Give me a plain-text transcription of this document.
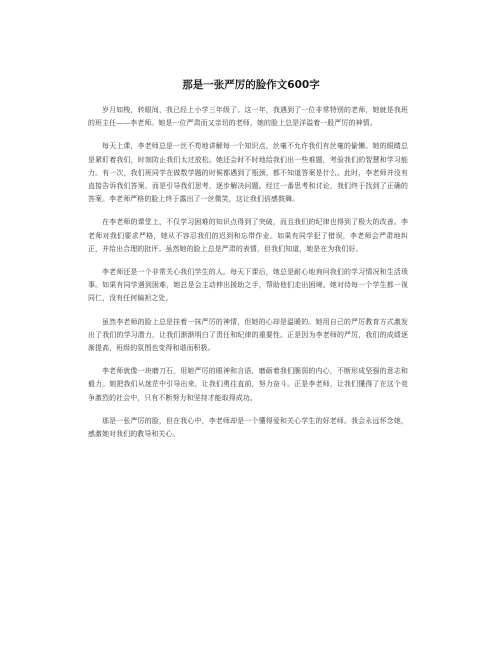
那是一张严厉的脸作文600字

岁月如梭，转眼间，我已经上小学三年级了。这一年，我遇到了一位非常特别的老师，她就是我班的班主任——李老师。她是一位严肃而又亲切的老师，她的脸上总是洋溢着一股严厉的神情。

每天上课，李老师总是一丝不苟地讲解每一个知识点，丝毫不允许我们有丝毫的偷懒。她的眼睛总是紧盯着我们，时刻防止我们太过放松。她还会时不时地给我们出一些难题，考验我们的智慧和学习能力。有一次，我们班同学在做数学题的时候都遇到了瓶颈，都不知道答案是什么。此时，李老师并没有直接告诉我们答案，而是引导我们思考，逐步解决问题。经过一番思考和讨论，我们终于找到了正确的答案。李老师严格的脸上终于露出了一丝微笑，这让我们倍感鼓舞。

在李老师的课堂上，不仅学习困难的知识点得到了突破，而且我们的纪律也得到了极大的改善。李老师对我们要求严格，她从不容忍我们的迟到和忘带作业。如果有同学犯了错误，李老师会严肃地纠正，并给出合理的批评。虽然她的脸上总是严肃的表情，但我们知道，她是在为我们好。

李老师还是一个非常关心我们学生的人。每天下课后，她总是耐心地询问我们的学习情况和生活琐事。如果有同学遇到困难，她总是会主动伸出援助之手，帮助他们走出困境。她对待每一个学生都一视同仁，没有任何偏袒之处。

虽然李老师的脸上总是挂着一抹严厉的神情，但她的心却是温暖的。她用自己的严厉教育方式激发出了我们的学习潜力，让我们渐渐明白了责任和纪律的重要性。正是因为李老师的严厉，我们的成绩逐渐提高，班级的氛围也变得和谐而积极。

李老师就像一块磨刀石，用她严厉的眼神和言语，磨砺着我们脆弱的内心，不断形成坚强的意志和毅力。她把我们从迷茫中引导出来，让我们勇往直前，努力奋斗。正是李老师，让我们懂得了在这个竞争激烈的社会中，只有不断努力和坚持才能取得成功。

那是一张严厉的脸，但在我心中，李老师却是一个懂得爱和关心学生的好老师。我会永远怀念她，感激她对我们的教导和关心。
